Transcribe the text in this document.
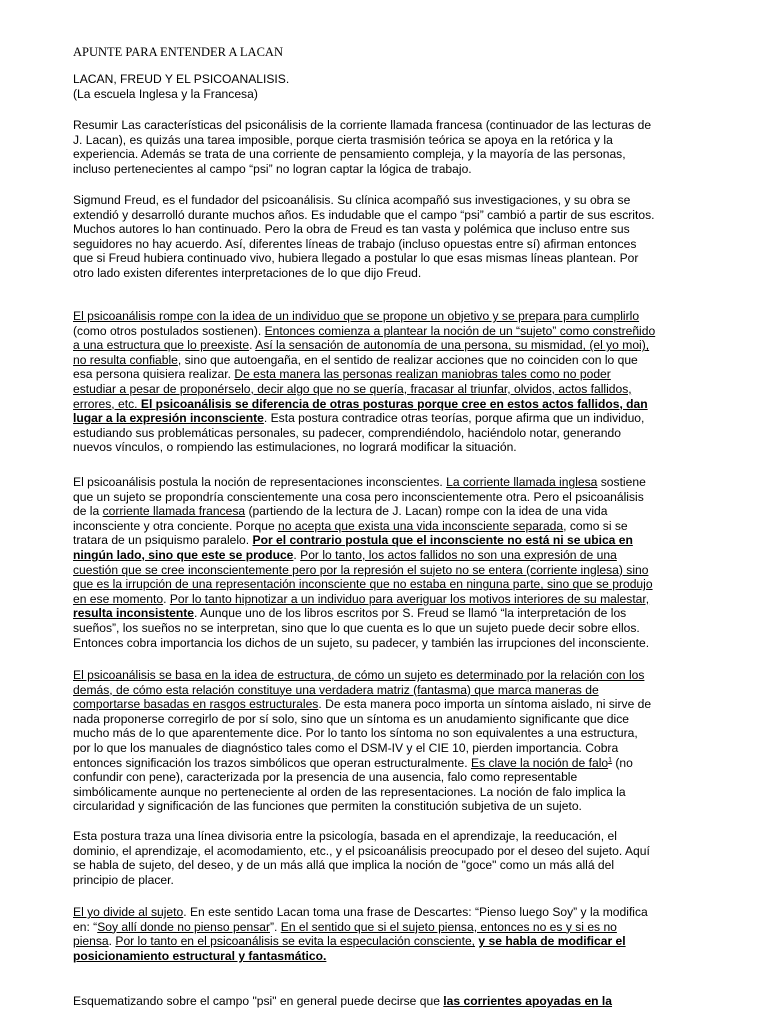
APUNTE PARA ENTENDER A LACAN
LACAN, FREUD Y EL PSICOANALISIS.
(La escuela Inglesa y la Francesa)
Resumir Las características del psiconálisis de la corriente llamada francesa (continuador de las lecturas de
J. Lacan), es quizás una tarea imposible, porque cierta trasmisión teórica se apoya en la retórica y la
experiencia. Además se trata de una corriente de pensamiento compleja, y la mayoría de las personas,
incluso pertenecientes al campo “psi” no logran captar la lógica de trabajo.
Sigmund Freud, es el fundador del psicoanálisis. Su clínica acompañó sus investigaciones, y su obra se
extendió y desarrolló durante muchos años. Es indudable que el campo “psi” cambió a partir de sus escritos.
Muchos autores lo han continuado. Pero la obra de Freud es tan vasta y polémica que incluso entre sus
seguidores no hay acuerdo. Así, diferentes líneas de trabajo (incluso opuestas entre sí) afirman entonces
que si Freud hubiera continuado vivo, hubiera llegado a postular lo que esas mismas líneas plantean. Por
otro lado existen diferentes interpretaciones de lo que dijo Freud.
El psicoanálisis rompe con la idea de un individuo que se propone un objetivo y se prepara para cumplirlo
(como otros postulados sostienen). Entonces comienza a plantear la noción de un “sujeto” como constreñido
a una estructura que lo preexiste. Así la sensación de autonomía de una persona, su mismidad, (el yo moi),
no resulta confiable, sino que autoengaña, en el sentido de realizar acciones que no coinciden con lo que
esa persona quisiera realizar. De esta manera las personas realizan maniobras tales como no poder
estudiar a pesar de proponérselo, decir algo que no se quería, fracasar al triunfar, olvidos, actos fallidos,
errores, etc. El psicoanálisis se diferencia de otras posturas porque cree en estos actos fallidos, dan
lugar a la expresión inconsciente. Esta postura contradice otras teorías, porque afirma que un individuo,
estudiando sus problemáticas personales, su padecer, comprendiéndolo, haciéndolo notar, generando
nuevos vínculos, o rompiendo las estimulaciones, no logrará modificar la situación.
El psicoanálisis postula la noción de representaciones inconscientes. La corriente llamada inglesa sostiene
que un sujeto se propondría conscientemente una cosa pero inconscientemente otra. Pero el psicoanálisis
de la corriente llamada francesa (partiendo de la lectura de J. Lacan) rompe con la idea de una vida
inconsciente y otra conciente. Porque no acepta que exista una vida inconsciente separada, como si se
tratara de un psiquismo paralelo. Por el contrario postula que el inconsciente no está ni se ubica en
ningún lado, sino que este se produce. Por lo tanto, los actos fallidos no son una expresión de una
cuestión que se cree inconscientemente pero por la represión el sujeto no se entera (corriente inglesa) sino
que es la irrupción de una representación inconsciente que no estaba en ninguna parte, sino que se produjo
en ese momento. Por lo tanto hipnotizar a un individuo para averiguar los motivos interiores de su malestar,
resulta inconsistente. Aunque uno de los libros escritos por S. Freud se llamó “la interpretación de los
sueños”, los sueños no se interpretan, sino que lo que cuenta es lo que un sujeto puede decir sobre ellos.
Entonces cobra importancia los dichos de un sujeto, su padecer, y también las irrupciones del inconsciente.
El psicoanálisis se basa en la idea de estructura, de cómo un sujeto es determinado por la relación con los
demás, de cómo esta relación constituye una verdadera matriz (fantasma) que marca maneras de
comportarse basadas en rasgos estructurales. De esta manera poco importa un síntoma aislado, ni sirve de
nada proponerse corregirlo de por sí solo, sino que un síntoma es un anudamiento significante que dice
mucho más de lo que aparentemente dice. Por lo tanto los síntoma no son equivalentes a una estructura,
por lo que los manuales de diagnóstico tales como el DSM-IV y el CIE 10, pierden importancia. Cobra
entonces significación los trazos simbólicos que operan estructuralmente. Es clave la noción de falo$^1$ (no
confundir con pene), caracterizada por la presencia de una ausencia, falo como representable
simbólicamente aunque no perteneciente al orden de las representaciones. La noción de falo implica la
circularidad y significación de las funciones que permiten la constitución subjetiva de un sujeto.
Esta postura traza una línea divisoria entre la psicología, basada en el aprendizaje, la reeducación, el
dominio, el aprendizaje, el acomodamiento, etc., y el psicoanálisis preocupado por el deseo del sujeto. Aquí
se habla de sujeto, del deseo, y de un más allá que implica la noción de "goce" como un más allá del
principio de placer.
El yo divide al sujeto. En este sentido Lacan toma una frase de Descartes: “Pienso luego Soy” y la modifica
en: “Soy allí donde no pienso pensar”. En el sentido que si el sujeto piensa, entonces no es y si es no
piensa. Por lo tanto en el psicoanálisis se evita la especulación consciente, y se habla de modificar el
posicionamiento estructural y fantasmático.
Esquematizando sobre el campo "psi" en general puede decirse que las corrientes apoyadas en la
